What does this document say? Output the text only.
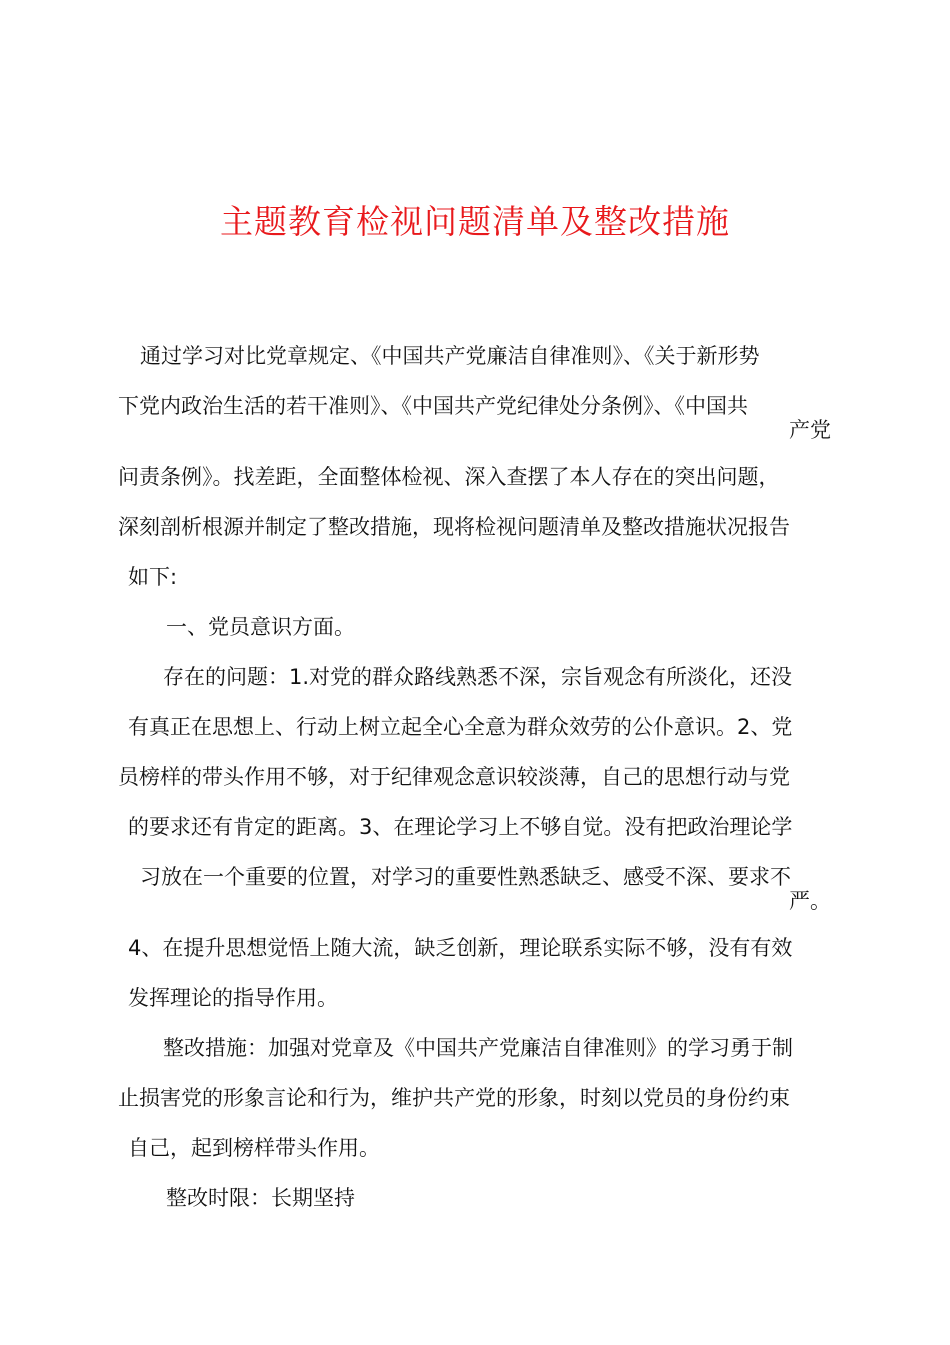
主题教育检视问题清单及整改措施
通过学习对比党章规定、《中国共产党廉洁自律准则》、《关于新形势
下党内政治生活的若干准则》、《中国共产党纪律处分条例》、《中国共
产党
问责条例》。找差距，全面整体检视、深入查摆了本人存在的突出问题，
深刻剖析根源并制定了整改措施，现将检视问题清单及整改措施状况报告
如下:
一、党员意识方面。
存在的问题：1.对党的群众路线熟悉不深，宗旨观念有所淡化，还没
有真正在思想上、行动上树立起全心全意为群众效劳的公仆意识。2、党
员榜样的带头作用不够，对于纪律观念意识较淡薄，自己的思想行动与党
的要求还有肯定的距离。3、在理论学习上不够自觉。没有把政治理论学
习放在一个重要的位置，对学习的重要性熟悉缺乏、感受不深、要求不
严。
4、在提升思想觉悟上随大流，缺乏创新，理论联系实际不够，没有有效
发挥理论的指导作用。
整改措施：加强对党章及《中国共产党廉洁自律准则》的学习勇于制
止损害党的形象言论和行为，维护共产党的形象，时刻以党员的身份约束
自己，起到榜样带头作用。
整改时限：长期坚持
